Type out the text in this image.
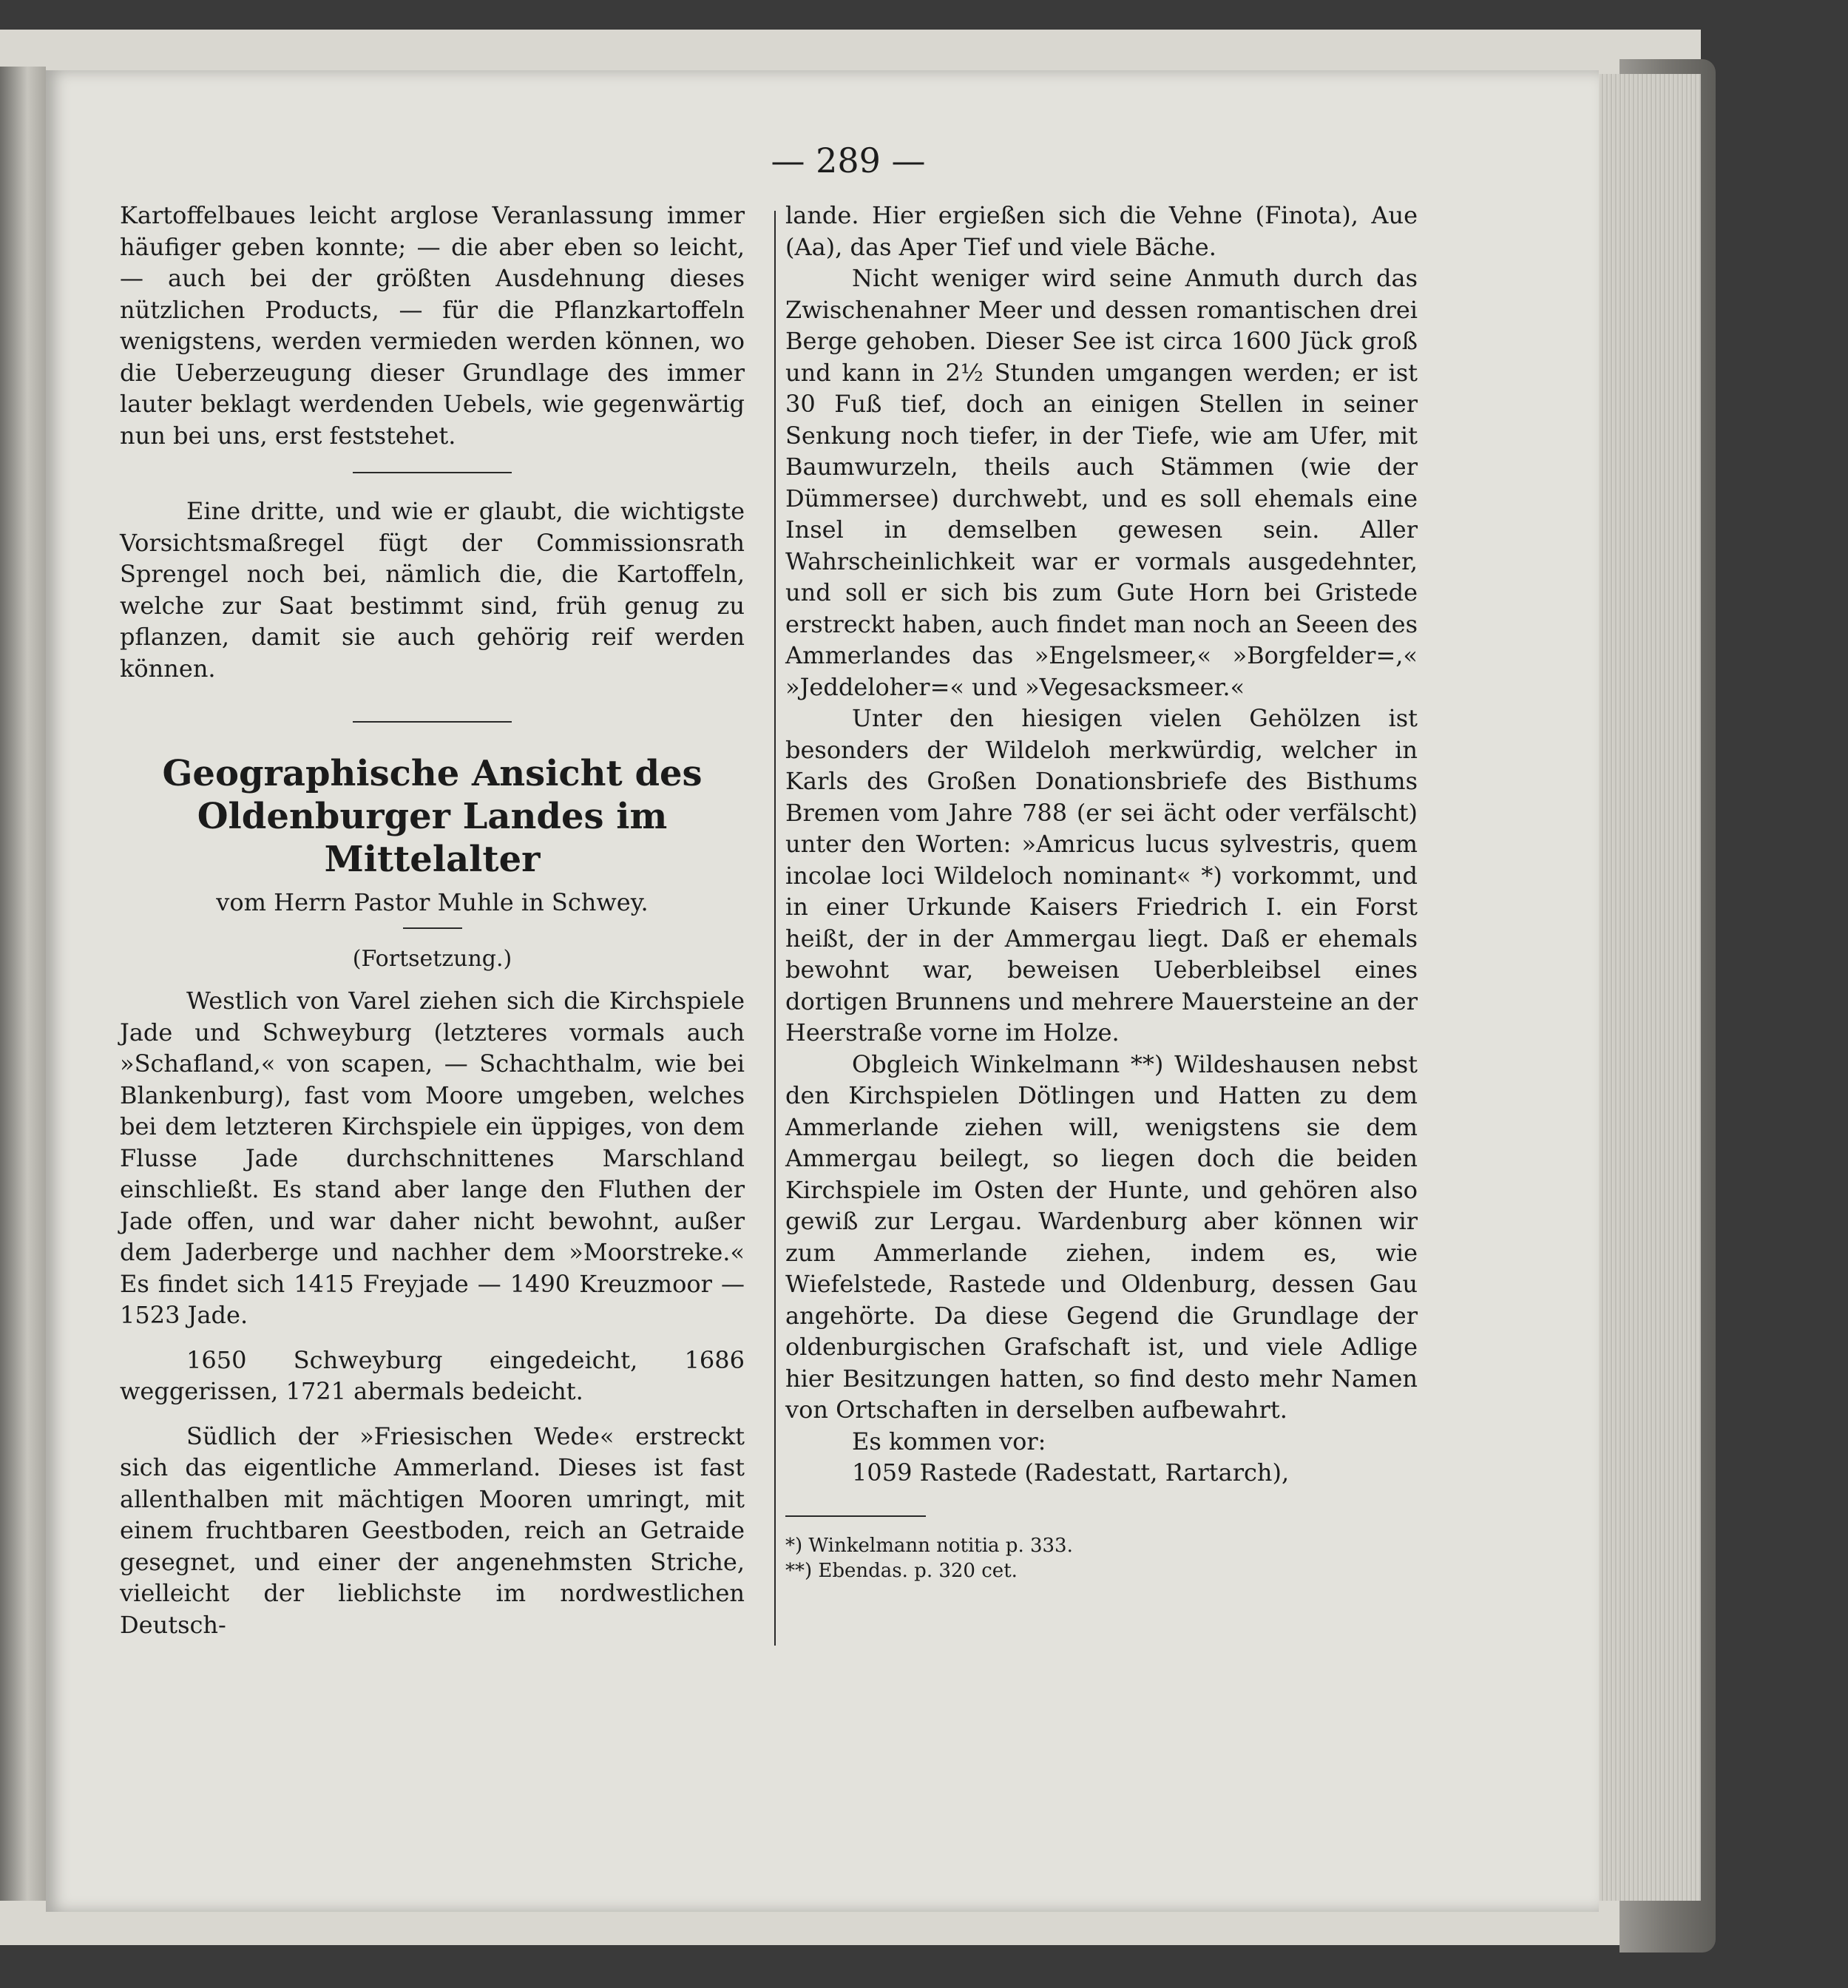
— 289 —

Kartoffelbaues leicht arglose Veranlassung immer häufiger geben konnte; — die aber eben so leicht, — auch bei der größten Ausdehnung dieses nützlichen Products, — für die Pflanzkartoffeln wenigstens, werden vermieden werden können, wo die Ueberzeugung dieser Grundlage des immer lauter beklagt werdenden Uebels, wie gegenwärtig nun bei uns, erst feststehet.

Eine dritte, und wie er glaubt, die wichtigste Vorsichtsmaßregel fügt der Commissionsrath Sprengel noch bei, nämlich die, die Kartoffeln, welche zur Saat bestimmt sind, früh genug zu pflanzen, damit sie auch gehörig reif werden können.

Geographische Ansicht des Oldenburger Landes im Mittelalter
vom Herrn Pastor Muhle in Schwey.
(Fortsetzung.)

Westlich von Varel ziehen sich die Kirchspiele Jade und Schweyburg (letzteres vormals auch »Schafland,« von scapen, — Schachthalm, wie bei Blankenburg), fast vom Moore umgeben, welches bei dem letzteren Kirchspiele ein üppiges, von dem Flusse Jade durchschnittenes Marschland einschließt. Es stand aber lange den Fluthen der Jade offen, und war daher nicht bewohnt, außer dem Jaderberge und nachher dem »Moorstreke.« Es findet sich 1415 Freyjade — 1490 Kreuzmoor — 1523 Jade.

1650 Schweyburg eingedeicht, 1686 weggerissen, 1721 abermals bedeicht.

Südlich der »Friesischen Wede« erstreckt sich das eigentliche Ammerland. Dieses ist fast allenthalben mit mächtigen Mooren umringt, mit einem fruchtbaren Geestboden, reich an Getraide gesegnet, und einer der angenehmsten Striche, vielleicht der lieblichste im nordwestlichen Deutsch-

lande. Hier ergießen sich die Vehne (Finota), Aue (Aa), das Aper Tief und viele Bäche.

Nicht weniger wird seine Anmuth durch das Zwischenahner Meer und dessen romantischen drei Berge gehoben. Dieser See ist circa 1600 Jück groß und kann in 2½ Stunden umgangen werden; er ist 30 Fuß tief, doch an einigen Stellen in seiner Senkung noch tiefer, in der Tiefe, wie am Ufer, mit Baumwurzeln, theils auch Stämmen (wie der Dümmersee) durchwebt, und es soll ehemals eine Insel in demselben gewesen sein. Aller Wahrscheinlichkeit war er vormals ausgedehnter, und soll er sich bis zum Gute Horn bei Gristede erstreckt haben, auch findet man noch an Seeen des Ammerlandes das »Engelsmeer,« »Borgfelder=,« »Jeddeloher=« und »Vegesacksmeer.«

Unter den hiesigen vielen Gehölzen ist besonders der Wildeloh merkwürdig, welcher in Karls des Großen Donationsbriefe des Bisthums Bremen vom Jahre 788 (er sei ächt oder verfälscht) unter den Worten: »Amricus lucus sylvestris, quem incolae loci Wildeloch nominant« *) vorkommt, und in einer Urkunde Kaisers Friedrich I. ein Forst heißt, der in der Ammergau liegt. Daß er ehemals bewohnt war, beweisen Ueberbleibsel eines dortigen Brunnens und mehrere Mauersteine an der Heerstraße vorne im Holze.

Obgleich Winkelmann **) Wildeshausen nebst den Kirchspielen Dötlingen und Hatten zu dem Ammerlande ziehen will, wenigstens sie dem Ammergau beilegt, so liegen doch die beiden Kirchspiele im Osten der Hunte, und gehören also gewiß zur Lergau. Wardenburg aber können wir zum Ammerlande ziehen, indem es, wie Wiefelstede, Rastede und Oldenburg, dessen Gau angehörte. Da diese Gegend die Grundlage der oldenburgischen Grafschaft ist, und viele Adlige hier Besitzungen hatten, so find desto mehr Namen von Ortschaften in derselben aufbewahrt.

Es kommen vor:

1059 Rastede (Radestatt, Rartarch),

*) Winkelmann notitia p. 333.

**) Ebendas. p. 320 cet.
